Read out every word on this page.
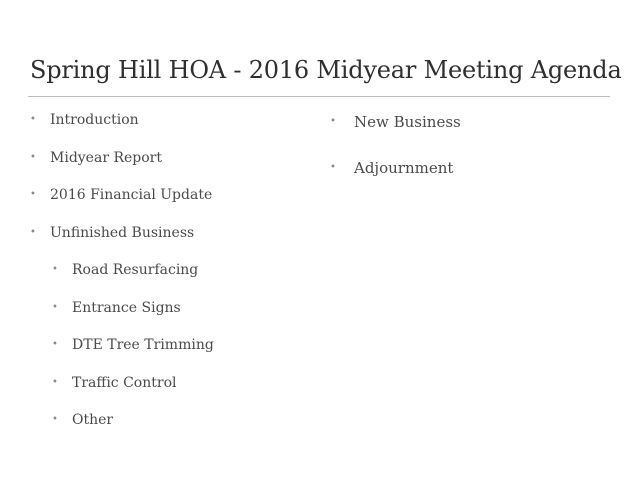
Spring Hill HOA - 2016 Midyear Meeting Agenda
• Introduction
• Midyear Report
• 2016 Financial Update
• Unfinished Business
• Road Resurfacing
• Entrance Signs
• DTE Tree Trimming
• Traffic Control
• Other
• New Business
• Adjournment
